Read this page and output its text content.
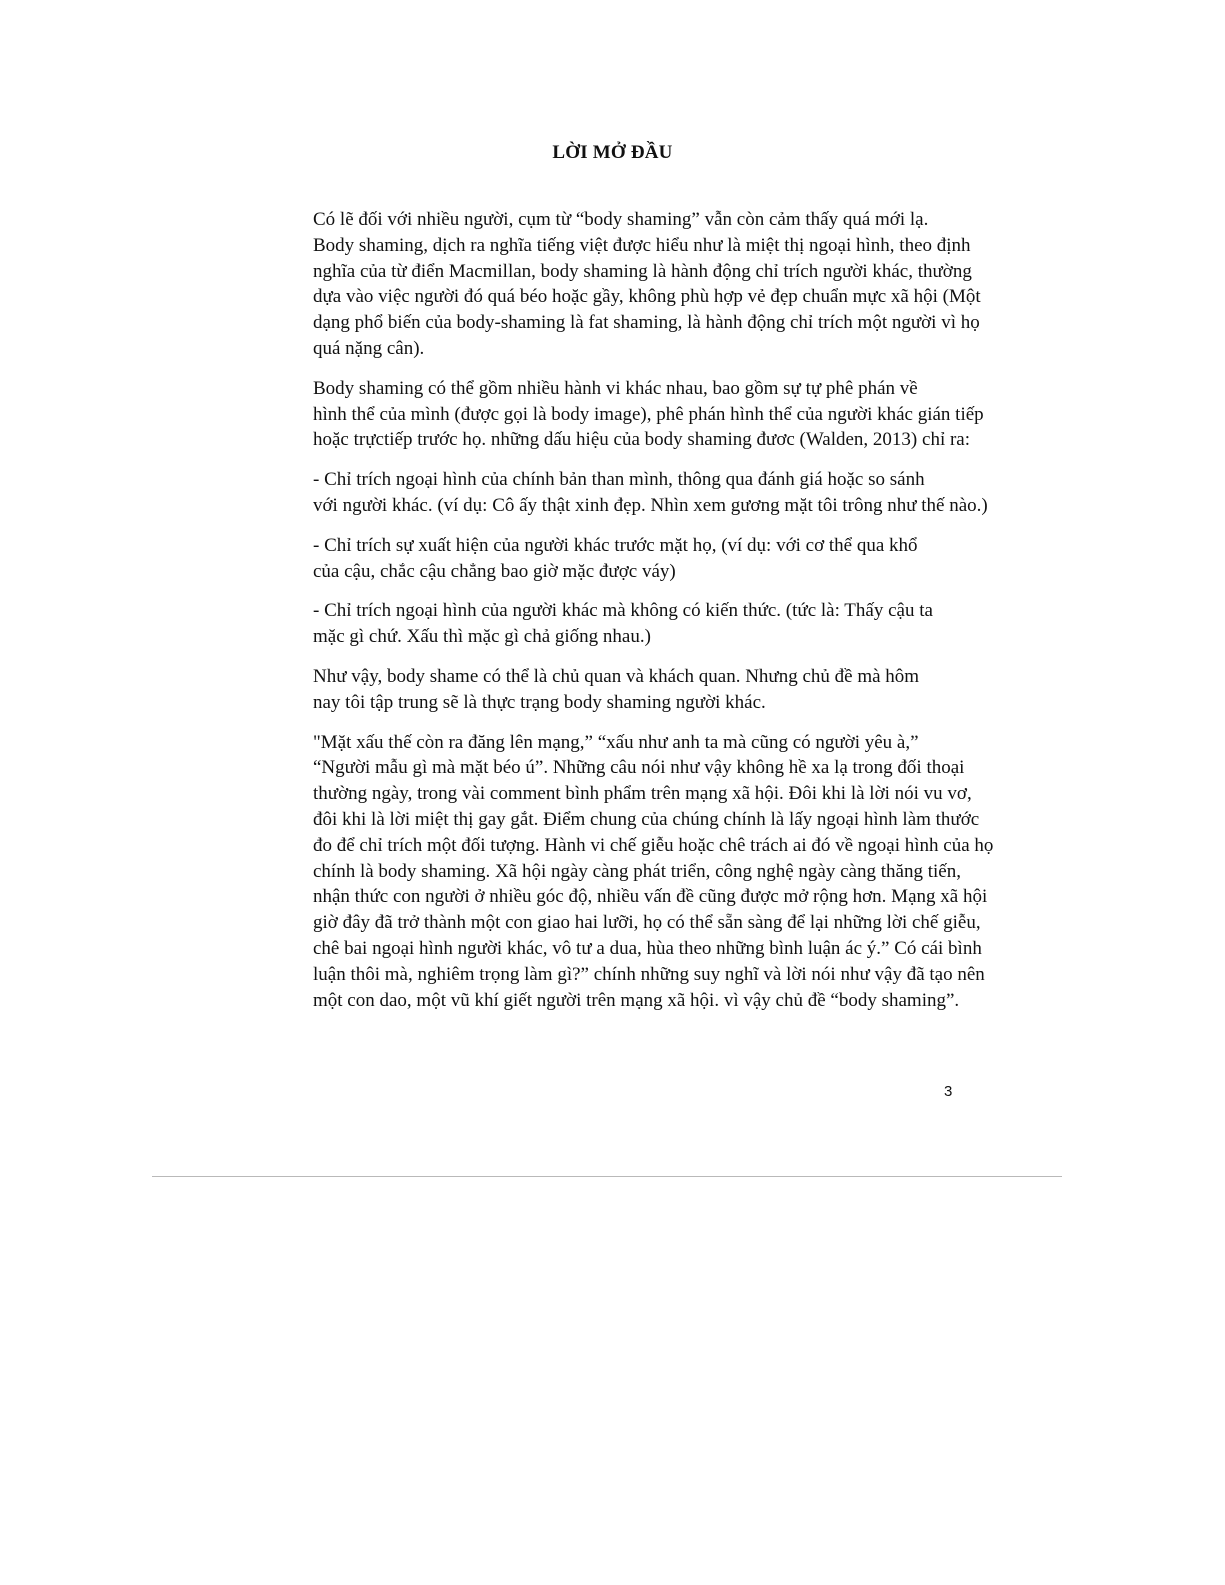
LỜI MỞ ĐẦU

Có lẽ đối với nhiều người, cụm từ “body shaming” vẫn còn cảm thấy quá mới lạ.
Body shaming, dịch ra nghĩa tiếng việt được hiểu như là miệt thị ngoại hình, theo định
nghĩa của từ điển Macmillan, body shaming là hành động chỉ trích người khác, thường
dựa vào việc người đó quá béo hoặc gầy, không phù hợp vẻ đẹp chuẩn mực xã hội (Một
dạng phổ biến của body-shaming là fat shaming, là hành động chỉ trích một người vì họ
quá nặng cân).

Body shaming có thể gồm nhiều hành vi khác nhau, bao gồm sự tự phê phán về
hình thể của mình (được gọi là body image), phê phán hình thể của người khác gián tiếp
hoặc trựctiếp trước họ. những dấu hiệu của body shaming đươc (Walden, 2013) chỉ ra:

- Chỉ trích ngoại hình của chính bản than mình, thông qua đánh giá hoặc so sánh
với người khác. (ví dụ: Cô ấy thật xinh đẹp. Nhìn xem gương mặt tôi trông như thế nào.)

- Chỉ trích sự xuất hiện của người khác trước mặt họ, (ví dụ: với cơ thể qua khổ
của cậu, chắc cậu chẳng bao giờ mặc được váy)

- Chỉ trích ngoại hình của người khác mà không có kiến thức. (tức là: Thấy cậu ta
mặc gì chứ. Xấu thì mặc gì chả giống nhau.)

Như vậy, body shame có thể là chủ quan và khách quan. Nhưng chủ đề mà hôm
nay tôi tập trung sẽ là thực trạng body shaming người khác.

"Mặt xấu thế còn ra đăng lên mạng,” “xấu như anh ta mà cũng có người yêu à,”
“Người mẫu gì mà mặt béo ú”. Những câu nói như vậy không hề xa lạ trong đối thoại
thường ngày, trong vài comment bình phẩm trên mạng xã hội. Đôi khi là lời nói vu vơ,
đôi khi là lời miệt thị gay gắt. Điểm chung của chúng chính là lấy ngoại hình làm thước
đo để chỉ trích một đối tượng. Hành vi chế giễu hoặc chê trách ai đó về ngoại hình của họ
chính là body shaming. Xã hội ngày càng phát triển, công nghệ ngày càng thăng tiến,
nhận thức con người ở nhiều góc độ, nhiều vấn đề cũng được mở rộng hơn. Mạng xã hội
giờ đây đã trở thành một con giao hai lưỡi, họ có thể sẵn sàng để lại những lời chế giễu,
chê bai ngoại hình người khác, vô tư a dua, hùa theo những bình luận ác ý.” Có cái bình
luận thôi mà, nghiêm trọng làm gì?” chính những suy nghĩ và lời nói như vậy đã tạo nên
một con dao, một vũ khí giết người trên mạng xã hội. vì vậy chủ đề “body shaming”.

3
